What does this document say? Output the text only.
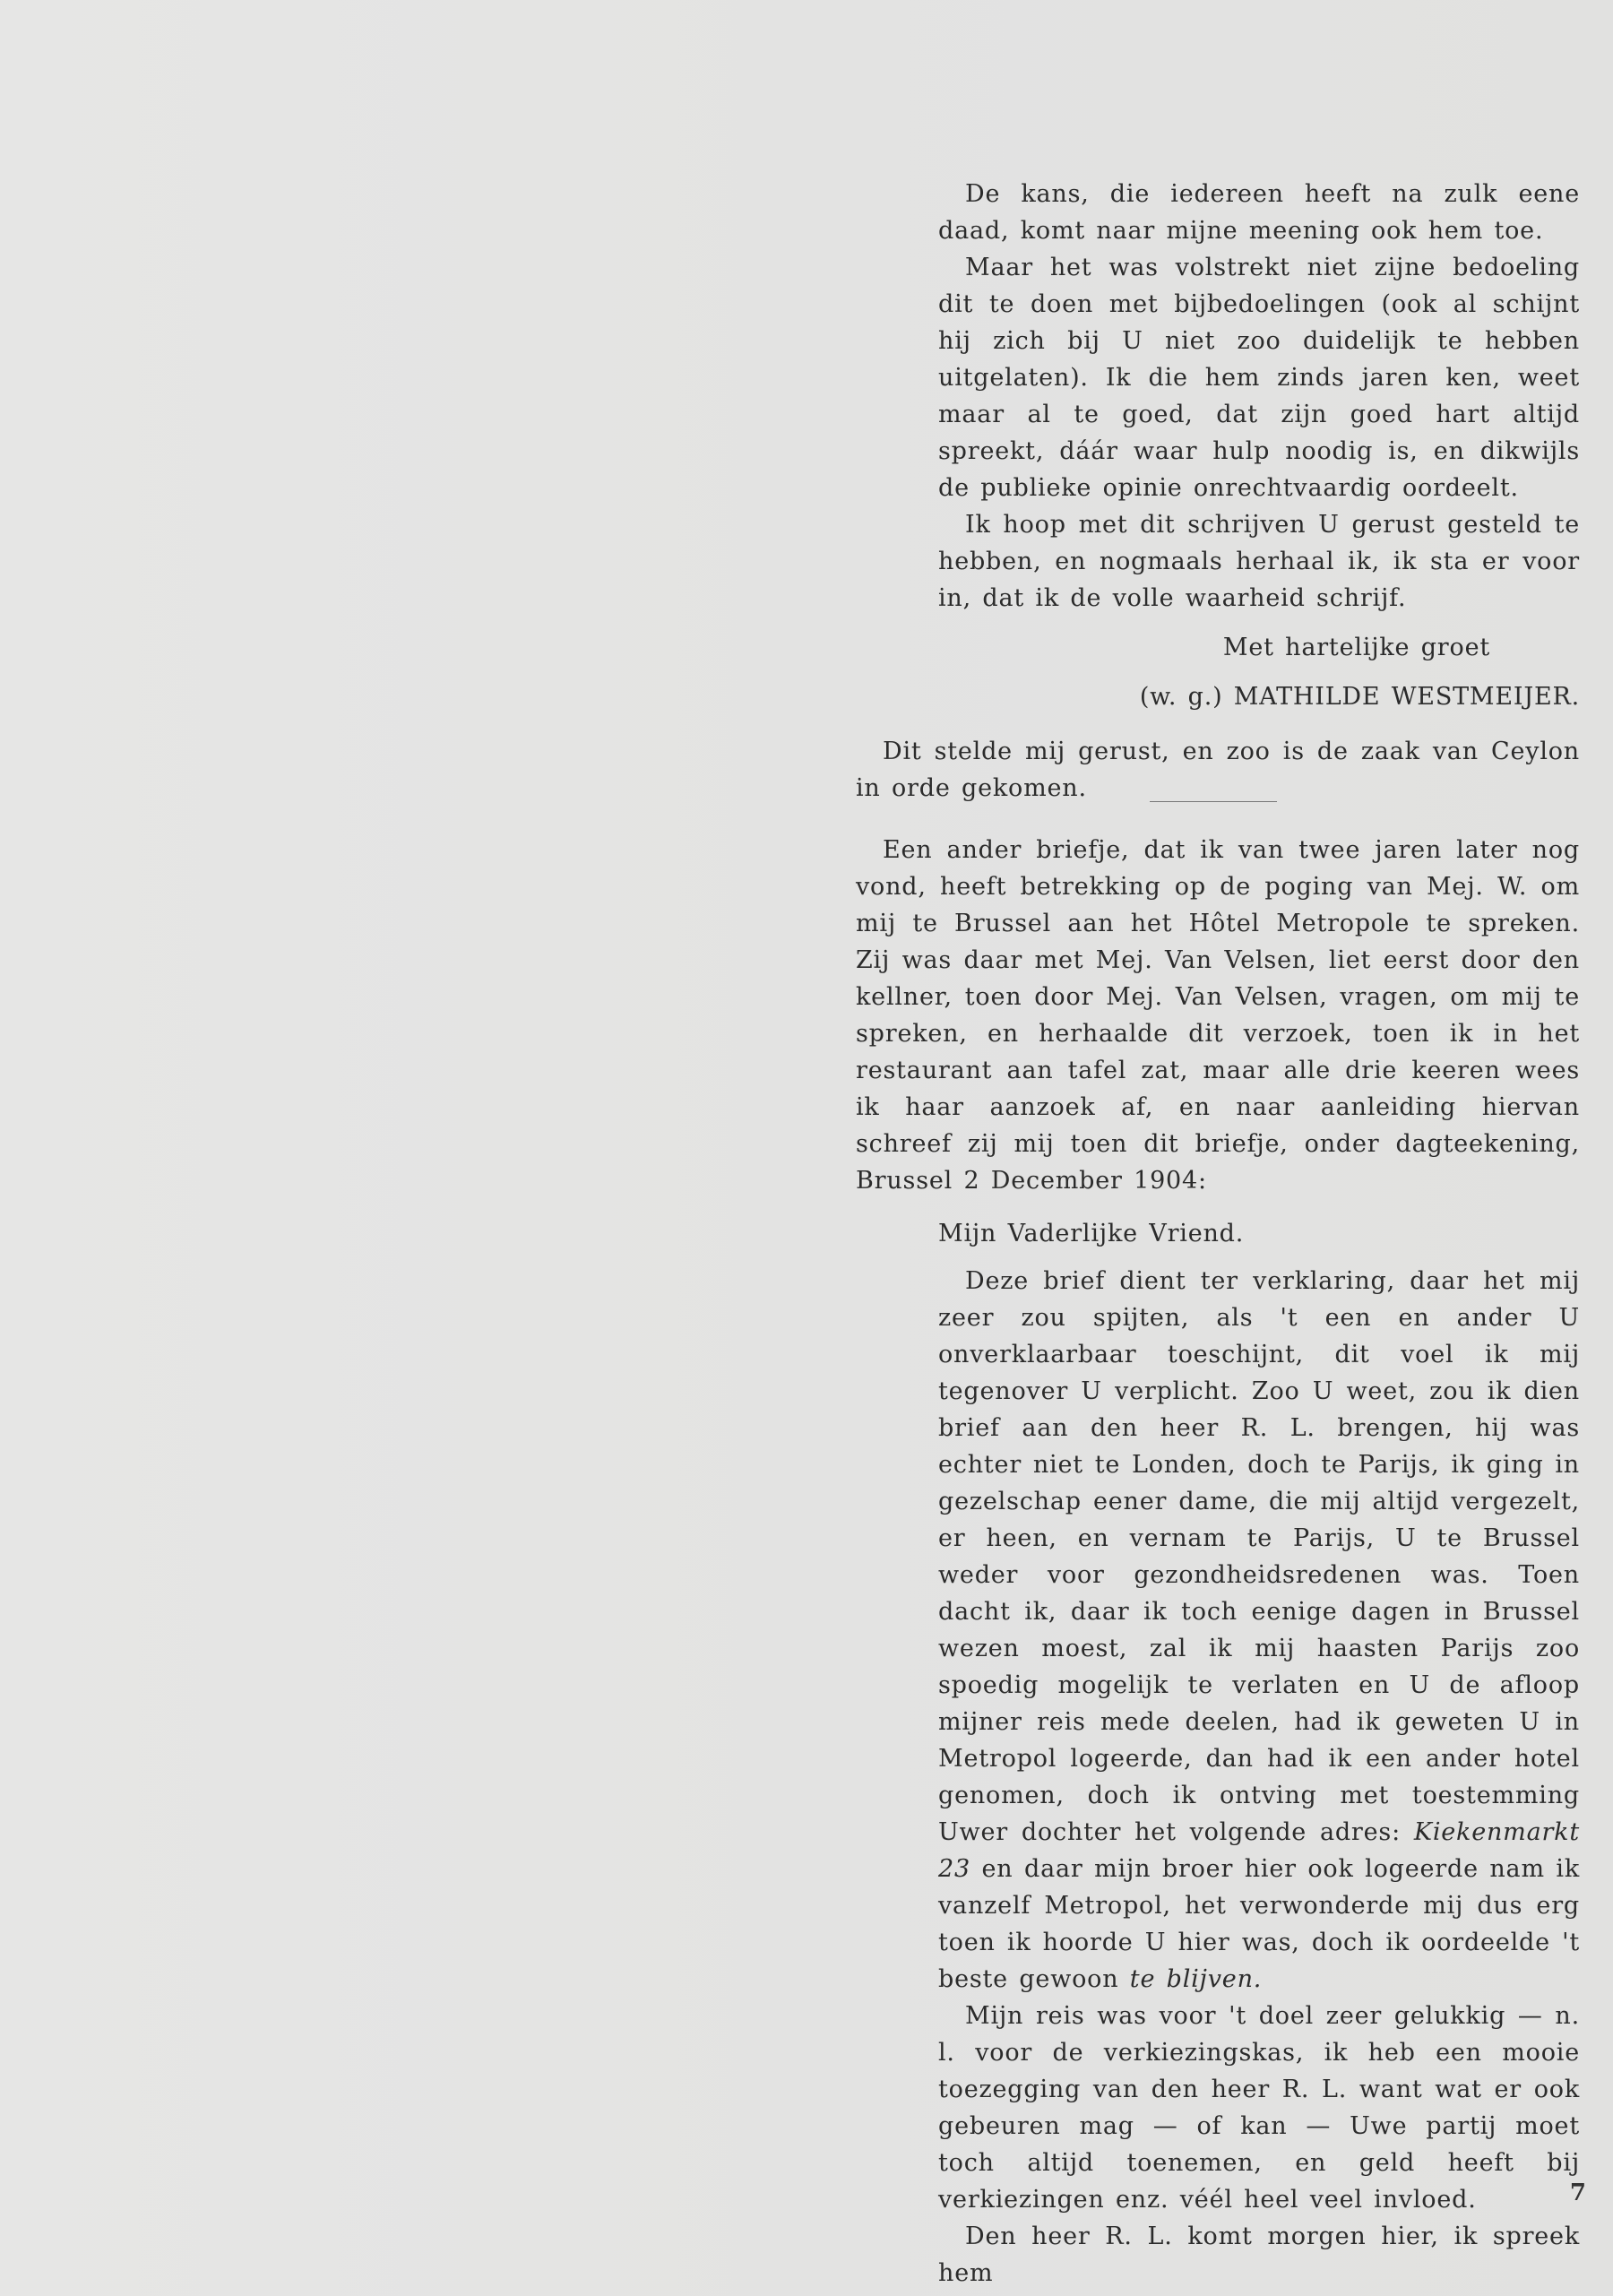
De kans, die iedereen heeft na zulk eene daad, komt naar mijne meening ook hem toe.

Maar het was volstrekt niet zijne bedoeling dit te doen met bijbedoelingen (ook al schijnt hij zich bij U niet zoo duidelijk te hebben uitgelaten). Ik die hem zinds jaren ken, weet maar al te goed, dat zijn goed hart altijd spreekt, dáár waar hulp noodig is, en dikwijls de publieke opinie onrechtvaardig oordeelt.

Ik hoop met dit schrijven U gerust gesteld te hebben, en nogmaals herhaal ik, ik sta er voor in, dat ik de volle waarheid schrijf.

Met hartelijke groet

(w. g.) MATHILDE WESTMEIJER.

Dit stelde mij gerust, en zoo is de zaak van Ceylon in orde gekomen.

Een ander briefje, dat ik van twee jaren later nog vond, heeft betrekking op de poging van Mej. W. om mij te Brussel aan het Hôtel Metropole te spreken. Zij was daar met Mej. Van Velsen, liet eerst door den kellner, toen door Mej. Van Velsen, vragen, om mij te spreken, en herhaalde dit verzoek, toen ik in het restaurant aan tafel zat, maar alle drie keeren wees ik haar aanzoek af, en naar aanleiding hiervan schreef zij mij toen dit briefje, onder dagteekening, Brussel 2 December 1904:

Mijn Vaderlijke Vriend.

Deze brief dient ter verklaring, daar het mij zeer zou spijten, als 't een en ander U onverklaarbaar toeschijnt, dit voel ik mij tegenover U verplicht. Zoo U weet, zou ik dien brief aan den heer R. L. brengen, hij was echter niet te Londen, doch te Parijs, ik ging in gezelschap eener dame, die mij altijd vergezelt, er heen, en vernam te Parijs, U te Brussel weder voor gezondheidsredenen was. Toen dacht ik, daar ik toch eenige dagen in Brussel wezen moest, zal ik mij haasten Parijs zoo spoedig mogelijk te verlaten en U de afloop mijner reis mede deelen, had ik geweten U in Metropol logeerde, dan had ik een ander hotel genomen, doch ik ontving met toestemming Uwer dochter het volgende adres: Kiekenmarkt 23 en daar mijn broer hier ook logeerde nam ik vanzelf Metropol, het verwonderde mij dus erg toen ik hoorde U hier was, doch ik oordeelde 't beste gewoon te blijven.

Mijn reis was voor 't doel zeer gelukkig — n. l. voor de verkiezingskas, ik heb een mooie toezegging van den heer R. L. want wat er ook gebeuren mag — of kan — Uwe partij moet toch altijd toenemen, en geld heeft bij verkiezingen enz. véél heel veel invloed.

Den heer R. L. komt morgen hier, ik spreek hem

7
